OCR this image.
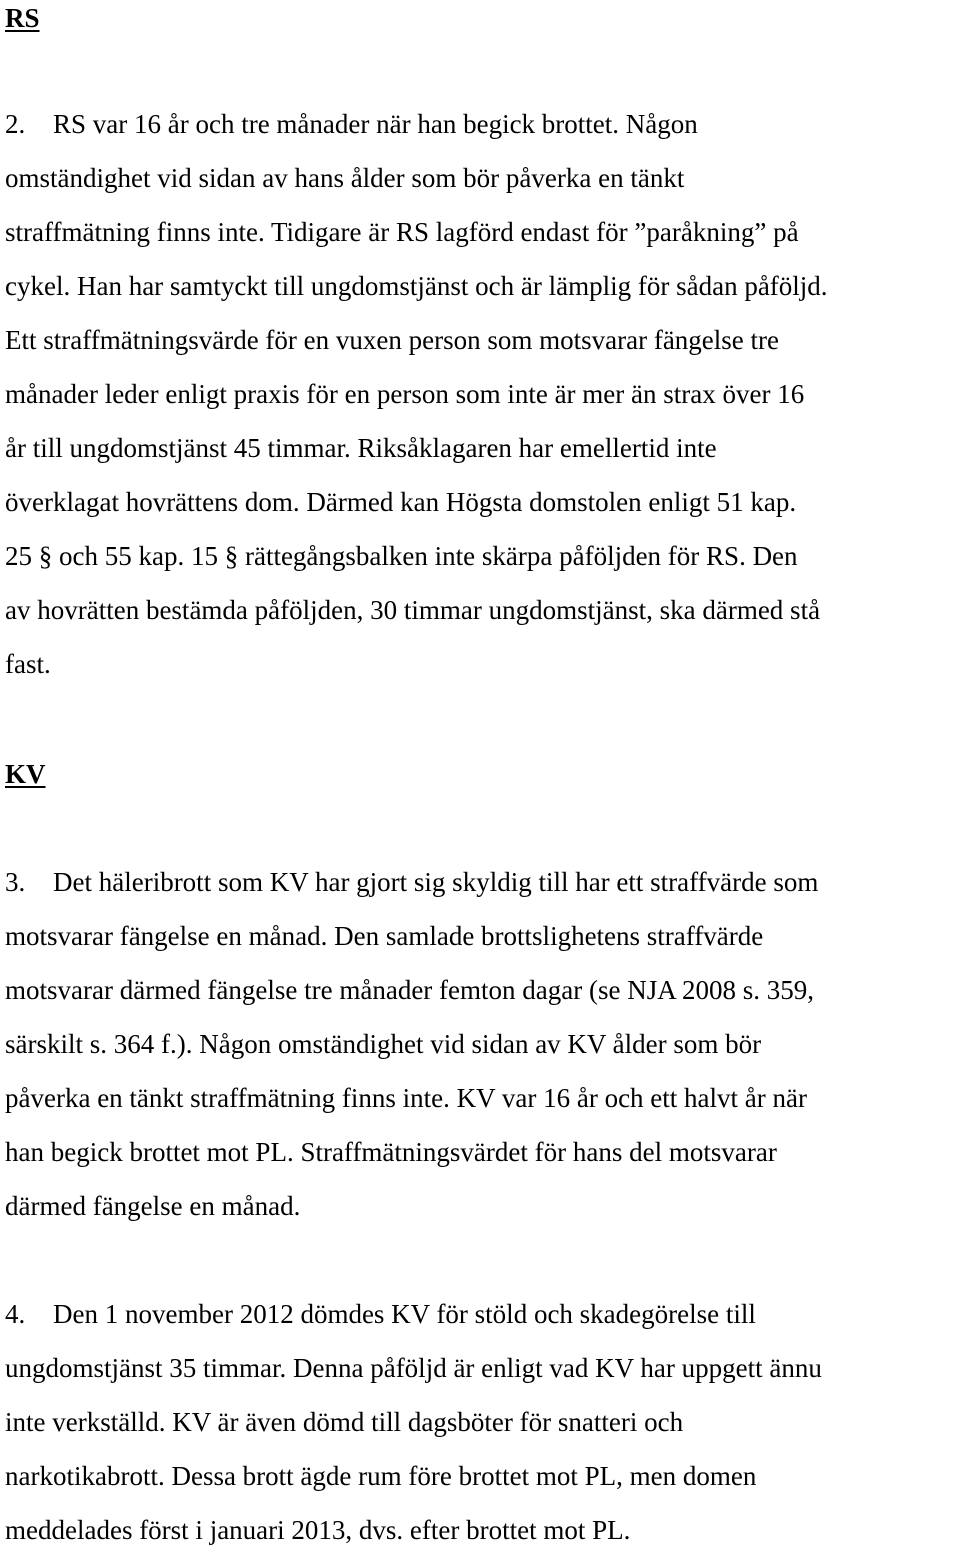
RS

2. RS var 16 år och tre månader när han begick brottet. Någon
omständighet vid sidan av hans ålder som bör påverka en tänkt
straffmätning finns inte. Tidigare är RS lagförd endast för ”paråkning” på
cykel. Han har samtyckt till ungdomstjänst och är lämplig för sådan påföljd.
Ett straffmätningsvärde för en vuxen person som motsvarar fängelse tre
månader leder enligt praxis för en person som inte är mer än strax över 16
år till ungdomstjänst 45 timmar. Riksåklagaren har emellertid inte
överklagat hovrättens dom. Därmed kan Högsta domstolen enligt 51 kap.
25 § och 55 kap. 15 § rättegångsbalken inte skärpa påföljden för RS. Den
av hovrätten bestämda påföljden, 30 timmar ungdomstjänst, ska därmed stå
fast.

KV

3. Det häleribrott som KV har gjort sig skyldig till har ett straffvärde som
motsvarar fängelse en månad. Den samlade brottslighetens straffvärde
motsvarar därmed fängelse tre månader femton dagar (se NJA 2008 s. 359,
särskilt s. 364 f.). Någon omständighet vid sidan av KV ålder som bör
påverka en tänkt straffmätning finns inte. KV var 16 år och ett halvt år när
han begick brottet mot PL. Straffmätningsvärdet för hans del motsvarar
därmed fängelse en månad.

4. Den 1 november 2012 dömdes KV för stöld och skadegörelse till
ungdomstjänst 35 timmar. Denna påföljd är enligt vad KV har uppgett ännu
inte verkställd. KV är även dömd till dagsböter för snatteri och
narkotikabrott. Dessa brott ägde rum före brottet mot PL, men domen
meddelades först i januari 2013, dvs. efter brottet mot PL.
